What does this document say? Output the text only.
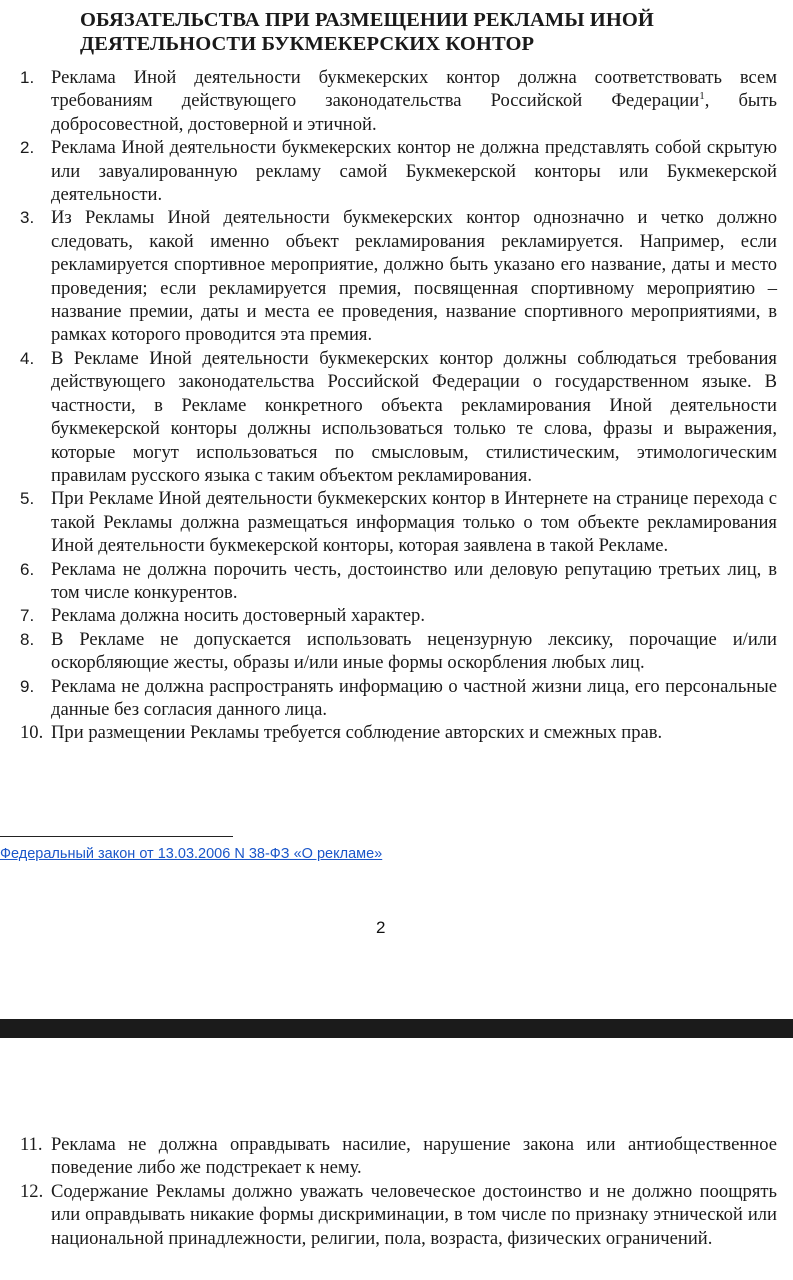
ОБЯЗАТЕЛЬСТВА ПРИ РАЗМЕЩЕНИИ РЕКЛАМЫ ИНОЙ ДЕЯТЕЛЬНОСТИ БУКМЕКЕРСКИХ КОНТОР
1. Реклама Иной деятельности букмекерских контор должна соответствовать всем требованиям действующего законодательства Российской Федерации$^1$, быть добросовестной, достоверной и этичной.
2. Реклама Иной деятельности букмекерских контор не должна представлять собой скрытую или завуалированную рекламу самой Букмекерской конторы или Букмекерской деятельности.
3. Из Рекламы Иной деятельности букмекерских контор однозначно и четко должно следовать, какой именно объект рекламирования рекламируется. Например, если рекламируется спортивное мероприятие, должно быть указано его название, даты и место проведения; если рекламируется премия, посвященная спортивному мероприятию – название премии, даты и места ее проведения, название спортивного мероприятиями, в рамках которого проводится эта премия.
4. В Рекламе Иной деятельности букмекерских контор должны соблюдаться требования действующего законодательства Российской Федерации о государственном языке. В частности, в Рекламе конкретного объекта рекламирования Иной деятельности букмекерской конторы должны использоваться только те слова, фразы и выражения, которые могут использоваться по смысловым, стилистическим, этимологическим правилам русского языка с таким объектом рекламирования.
5. При Рекламе Иной деятельности букмекерских контор в Интернете на странице перехода с такой Рекламы должна размещаться информация только о том объекте рекламирования Иной деятельности букмекерской конторы, которая заявлена в такой Рекламе.
6. Реклама не должна порочить честь, достоинство или деловую репутацию третьих лиц, в том числе конкурентов.
7. Реклама должна носить достоверный характер.
8. В Рекламе не допускается использовать нецензурную лексику, порочащие и/или оскорбляющие жесты, образы и/или иные формы оскорбления любых лиц.
9. Реклама не должна распространять информацию о частной жизни лица, его персональные данные без согласия данного лица.
10. При размещении Рекламы требуется соблюдение авторских и смежных прав.
Федеральный закон от 13.03.2006 N 38-ФЗ «О рекламе»
2
11. Реклама не должна оправдывать насилие, нарушение закона или антиобщественное поведение либо же подстрекает к нему.
12. Содержание Рекламы должно уважать человеческое достоинство и не должно поощрять или оправдывать никакие формы дискриминации, в том числе по признаку этнической или национальной принадлежности, религии, пола, возраста, физических ограничений.
